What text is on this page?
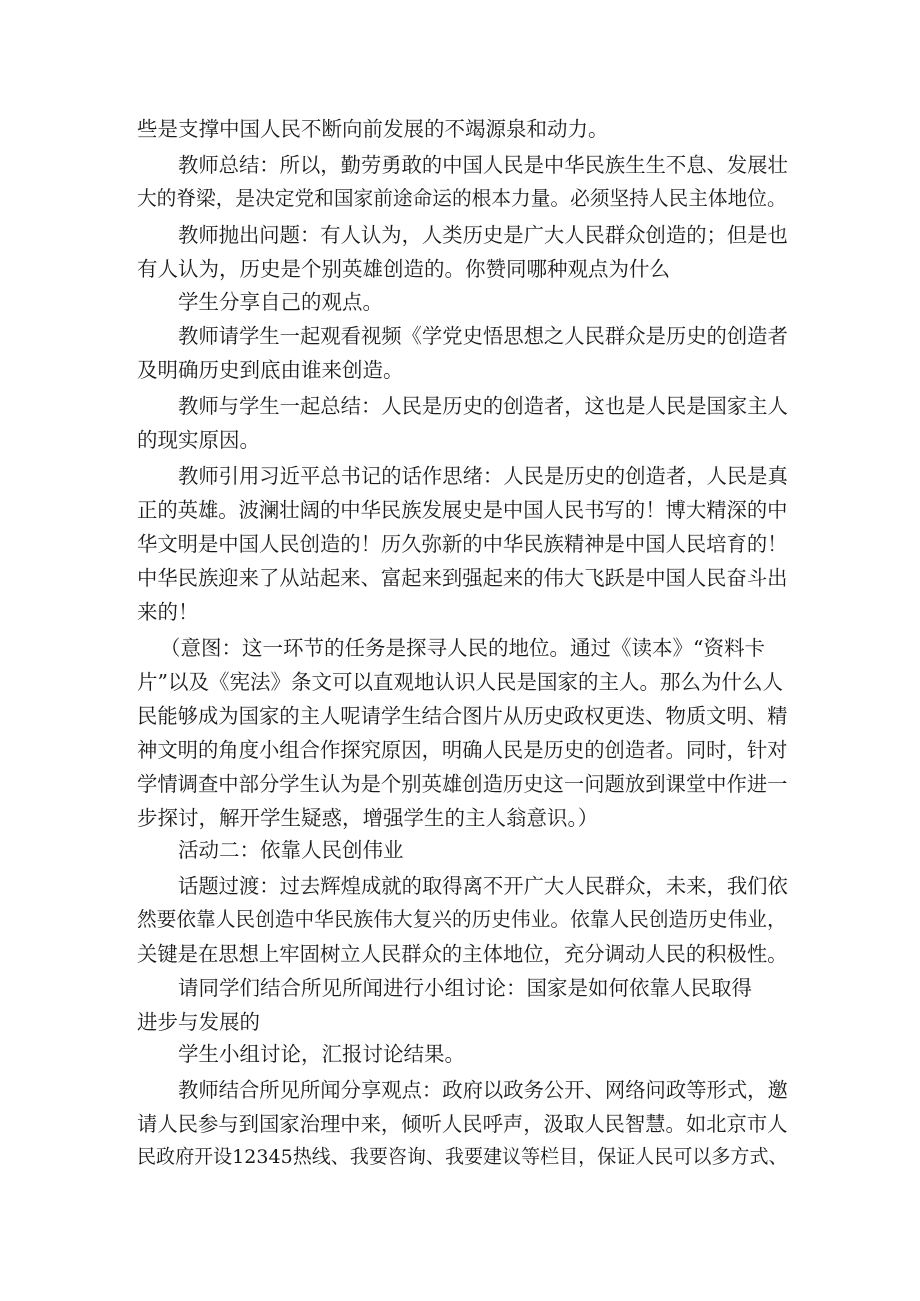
些是支撑中国人民不断向前发展的不竭源泉和动力。

教师总结：所以，勤劳勇敢的中国人民是中华民族生生不息、发展壮

大的脊梁，是决定党和国家前途命运的根本力量。必须坚持人民主体地位。

教师抛出问题：有人认为，人类历史是广大人民群众创造的；但是也

有人认为，历史是个别英雄创造的。你赞同哪种观点为什么

学生分享自己的观点。

教师请学生一起观看视频《学党史悟思想之人民群众是历史的创造者

及明确历史到底由谁来创造。

教师与学生一起总结：人民是历史的创造者，这也是人民是国家主人

的现实原因。

教师引用习近平总书记的话作思绪：人民是历史的创造者，人民是真

正的英雄。波澜壮阔的中华民族发展史是中国人民书写的！博大精深的中

华文明是中国人民创造的！历久弥新的中华民族精神是中国人民培育的！

中华民族迎来了从站起来、富起来到强起来的伟大飞跃是中国人民奋斗出

来的！

（意图：这一环节的任务是探寻人民的地位。通过《读本》“资料卡

片”以及《宪法》条文可以直观地认识人民是国家的主人。那么为什么人

民能够成为国家的主人呢请学生结合图片从历史政权更迭、物质文明、精

神文明的角度小组合作探究原因，明确人民是历史的创造者。同时，针对

学情调查中部分学生认为是个别英雄创造历史这一问题放到课堂中作进一

步探讨，解开学生疑惑，增强学生的主人翁意识。）

活动二：依靠人民创伟业

话题过渡：过去辉煌成就的取得离不开广大人民群众，未来，我们依

然要依靠人民创造中华民族伟大复兴的历史伟业。依靠人民创造历史伟业，

关键是在思想上牢固树立人民群众的主体地位，充分调动人民的积极性。

请同学们结合所见所闻进行小组讨论：国家是如何依靠人民取得

进步与发展的

学生小组讨论，汇报讨论结果。

教师结合所见所闻分享观点：政府以政务公开、网络问政等形式，邀

请人民参与到国家治理中来，倾听人民呼声，汲取人民智慧。如北京市人

民政府开设12345热线、我要咨询、我要建议等栏目，保证人民可以多方式、
